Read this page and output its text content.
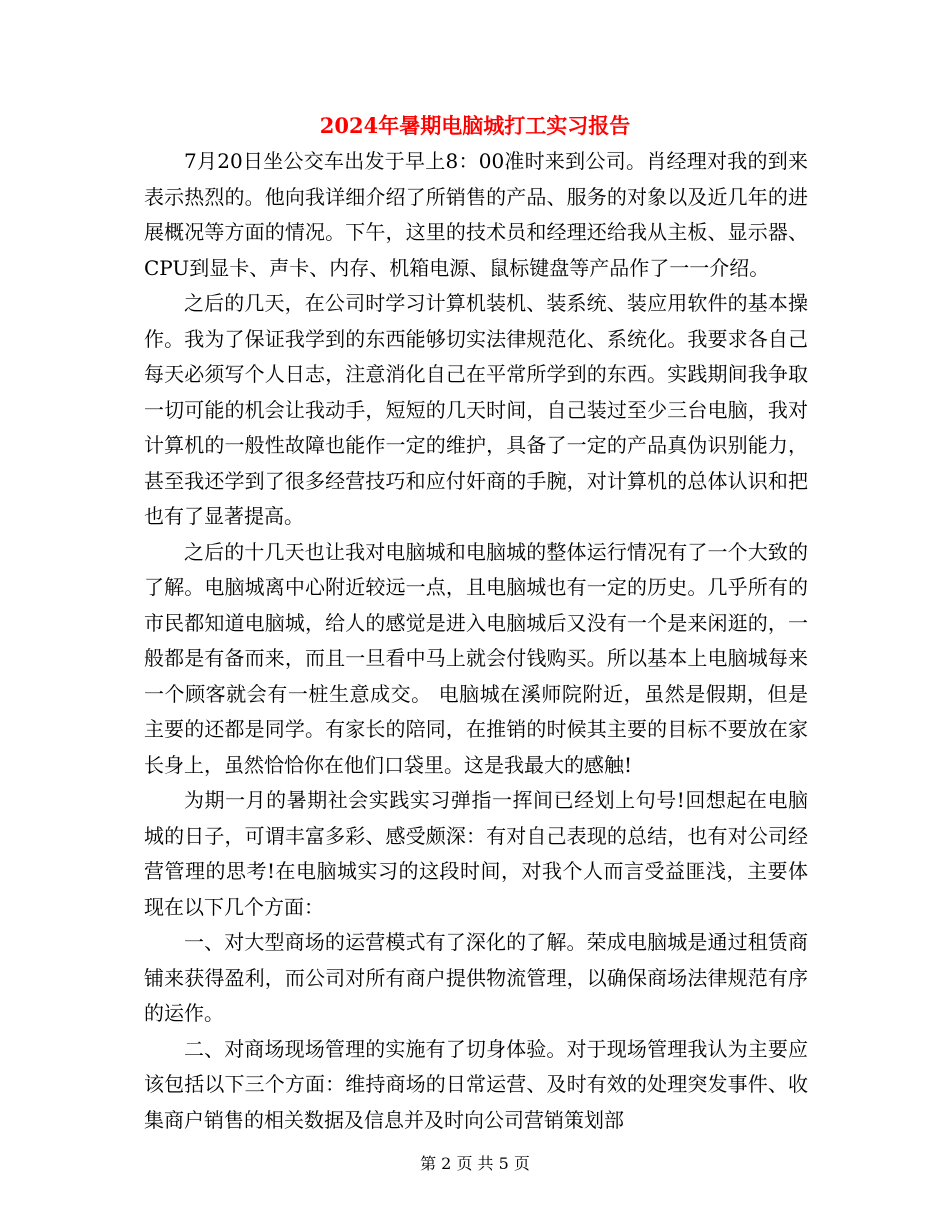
2024年暑期电脑城打工实习报告

7月20日坐公交车出发于早上8：00准时来到公司。肖经理对我的到来表示热烈的。他向我详细介绍了所销售的产品、服务的对象以及近几年的进展概况等方面的情况。下午，这里的技术员和经理还给我从主板、显示器、CPU到显卡、声卡、内存、机箱电源、鼠标键盘等产品作了一一介绍。

之后的几天，在公司时学习计算机装机、装系统、装应用软件的基本操作。我为了保证我学到的东西能够切实法律规范化、系统化。我要求各自己每天必须写个人日志，注意消化自己在平常所学到的东西。实践期间我争取一切可能的机会让我动手，短短的几天时间，自己装过至少三台电脑，我对计算机的一般性故障也能作一定的维护，具备了一定的产品真伪识别能力，甚至我还学到了很多经营技巧和应付奸商的手腕，对计算机的总体认识和把也有了显著提高。

之后的十几天也让我对电脑城和电脑城的整体运行情况有了一个大致的了解。电脑城离中心附近较远一点，且电脑城也有一定的历史。几乎所有的市民都知道电脑城，给人的感觉是进入电脑城后又没有一个是来闲逛的，一般都是有备而来，而且一旦看中马上就会付钱购买。所以基本上电脑城每来一个顾客就会有一桩生意成交。 电脑城在溪师院附近，虽然是假期，但是主要的还都是同学。有家长的陪同，在推销的时候其主要的目标不要放在家长身上，虽然恰恰你在他们口袋里。这是我最大的感触!

为期一月的暑期社会实践实习弹指一挥间已经划上句号!回想起在电脑城的日子，可谓丰富多彩、感受颇深：有对自己表现的总结，也有对公司经营管理的思考!在电脑城实习的这段时间，对我个人而言受益匪浅，主要体现在以下几个方面：

一、对大型商场的运营模式有了深化的了解。荣成电脑城是通过租赁商铺来获得盈利，而公司对所有商户提供物流管理，以确保商场法律规范有序的运作。

二、对商场现场管理的实施有了切身体验。对于现场管理我认为主要应该包括以下三个方面：维持商场的日常运营、及时有效的处理突发事件、收集商户销售的相关数据及信息并及时向公司营销策划部

第 2 页 共 5 页
